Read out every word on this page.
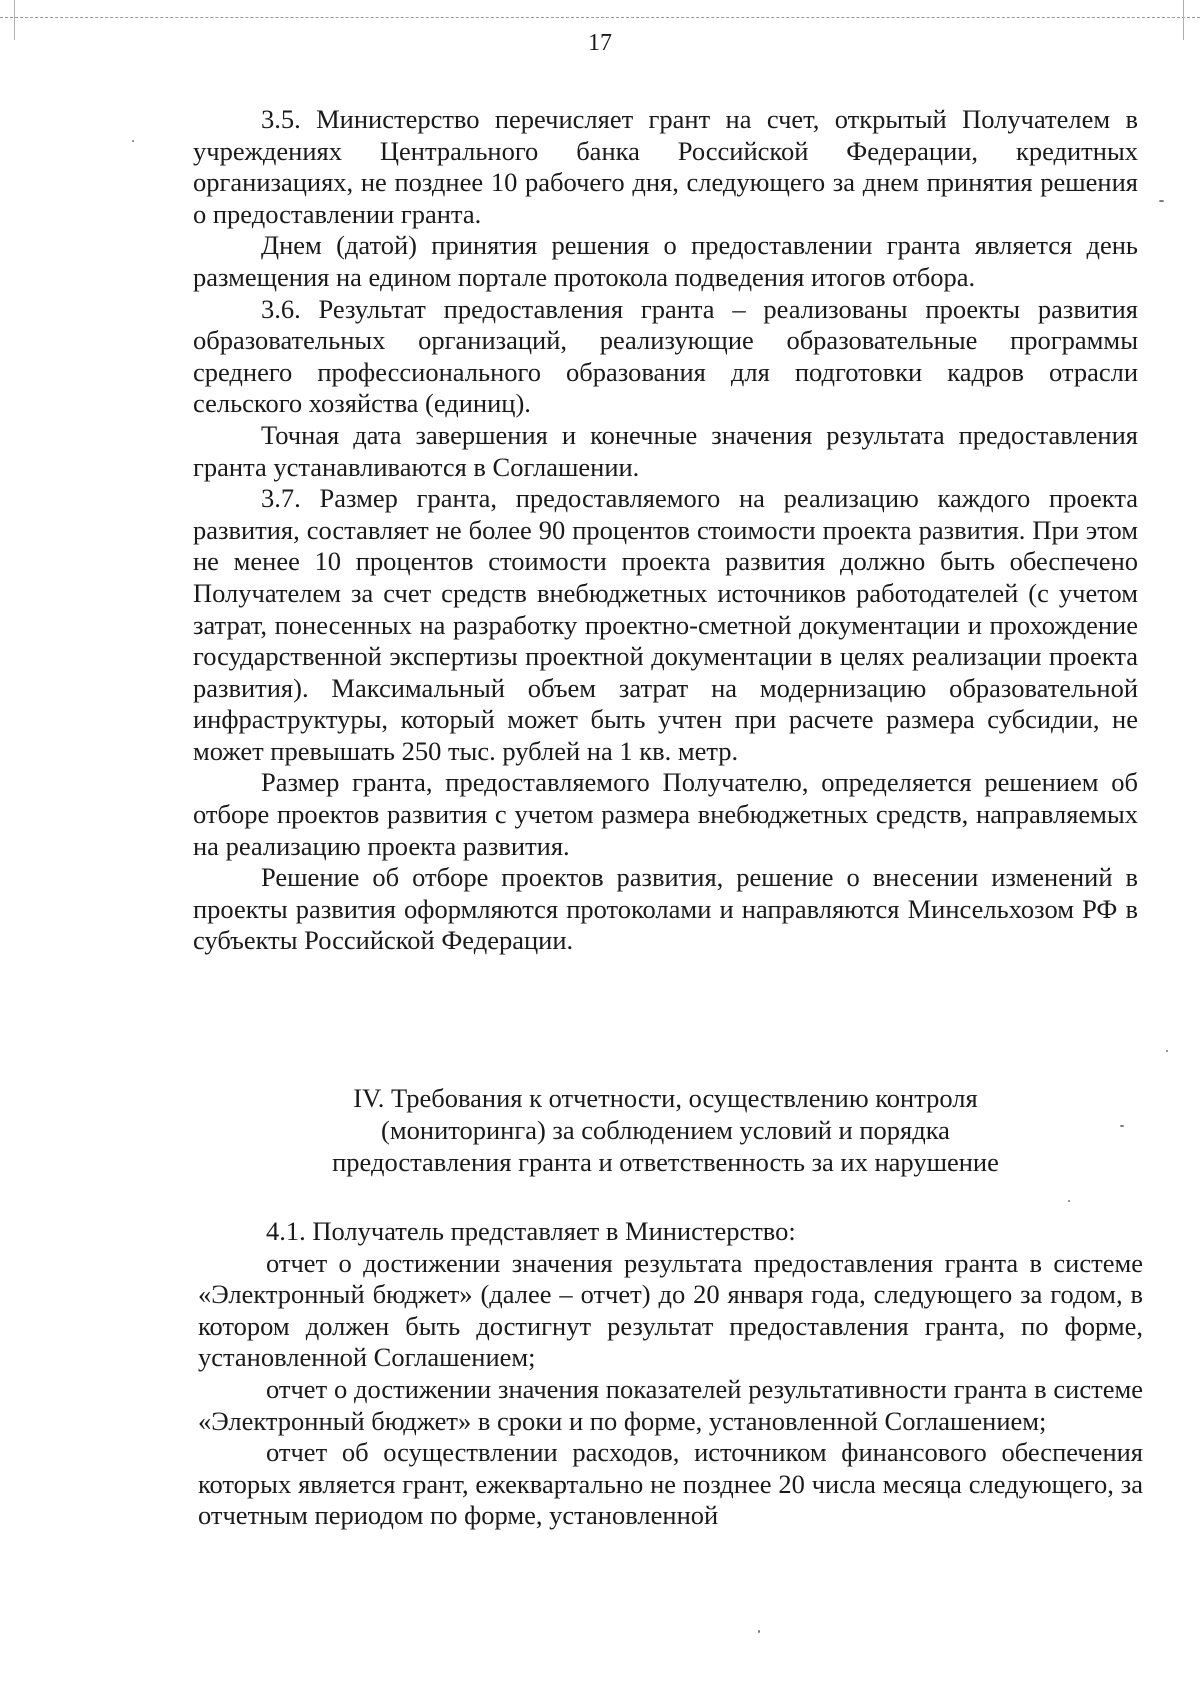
17

3.5. Министерство перечисляет грант на счет, открытый Получателем в учреждениях Центрального банка Российской Федерации, кредитных организациях, не позднее 10 рабочего дня, следующего за днем принятия решения о предоставлении гранта.

Днем (датой) принятия решения о предоставлении гранта является день размещения на едином портале протокола подведения итогов отбора.

3.6. Результат предоставления гранта – реализованы проекты развития образовательных организаций, реализующие образовательные программы среднего профессионального образования для подготовки кадров отрасли сельского хозяйства (единиц).

Точная дата завершения и конечные значения результата предоставления гранта устанавливаются в Соглашении.

3.7. Размер гранта, предоставляемого на реализацию каждого проекта развития, составляет не более 90 процентов стоимости проекта развития. При этом не менее 10 процентов стоимости проекта развития должно быть обеспечено Получателем за счет средств внебюджетных источников работодателей (с учетом затрат, понесенных на разработку проектно-сметной документации и прохождение государственной экспертизы проектной документации в целях реализации проекта развития). Максимальный объем затрат на модернизацию образовательной инфраструктуры, который может быть учтен при расчете размера субсидии, не может превышать 250 тыс. рублей на 1 кв. метр.

Размер гранта, предоставляемого Получателю, определяется решением об отборе проектов развития с учетом размера внебюджетных средств, направляемых на реализацию проекта развития.

Решение об отборе проектов развития, решение о внесении изменений в проекты развития оформляются протоколами и направляются Минсельхозом РФ в субъекты Российской Федерации.

IV. Требования к отчетности, осуществлению контроля
(мониторинга) за соблюдением условий и порядка
предоставления гранта и ответственность за их нарушение

4.1. Получатель представляет в Министерство:

отчет о достижении значения результата предоставления гранта в системе «Электронный бюджет» (далее – отчет) до 20 января года, следующего за годом, в котором должен быть достигнут результат предоставления гранта, по форме, установленной Соглашением;

отчет о достижении значения показателей результативности гранта в системе «Электронный бюджет» в сроки и по форме, установленной Соглашением;

отчет об осуществлении расходов, источником финансового обеспечения которых является грант, ежеквартально не позднее 20 числа месяца следующего, за отчетным периодом по форме, установленной
